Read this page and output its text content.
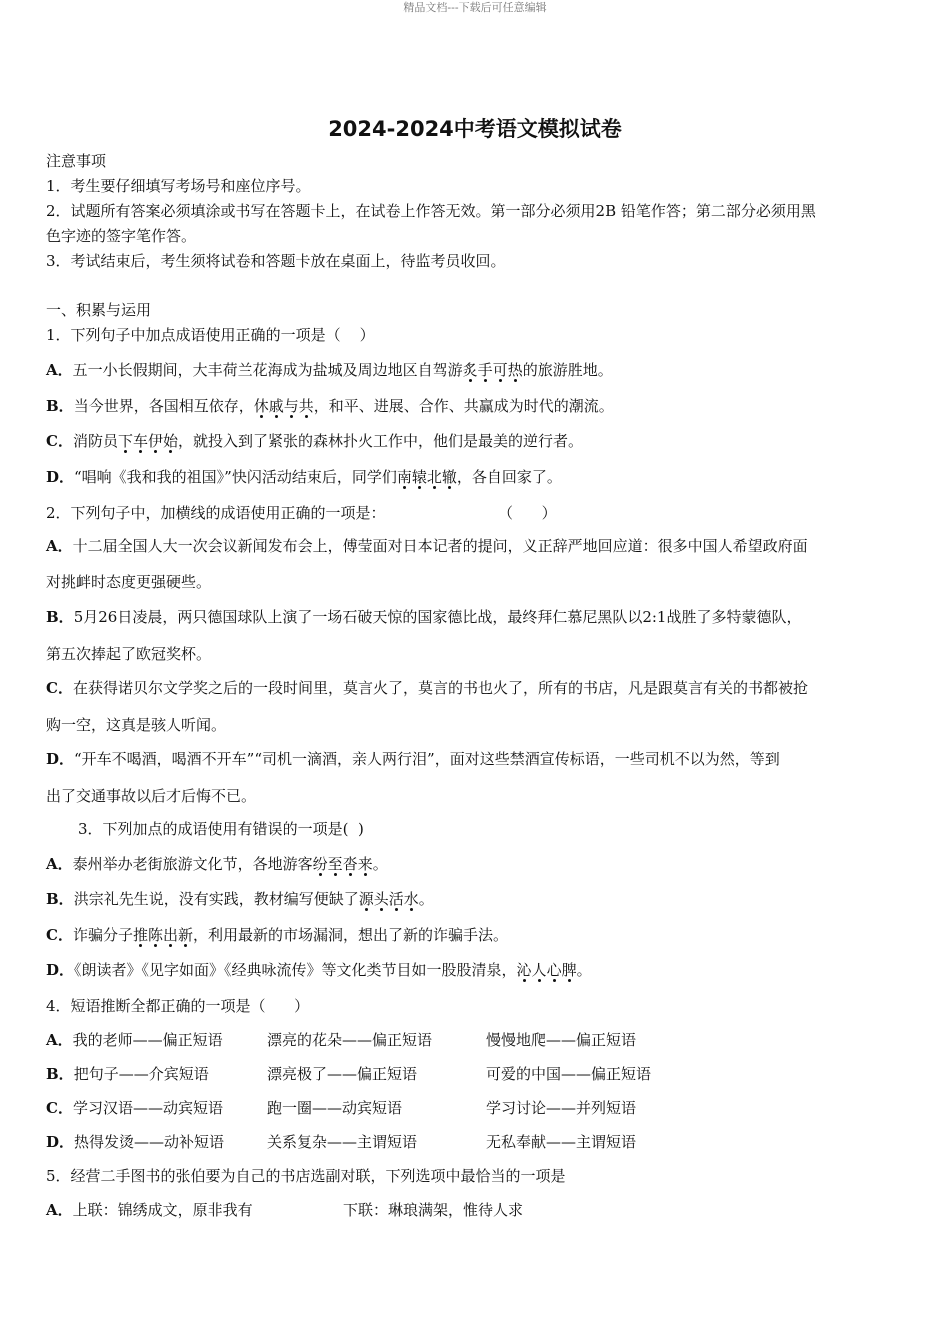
精品文档---下载后可任意编辑
2024-2024中考语文模拟试卷
注意事项
1．考生要仔细填写考场号和座位序号。
2．试题所有答案必须填涂或书写在答题卡上，在试卷上作答无效。第一部分必须用2B 铅笔作答；第二部分必须用黑
色字迹的签字笔作答。
3．考试结束后，考生须将试卷和答题卡放在桌面上，待监考员收回。
一、积累与运用
1．下列句子中加点成语使用正确的一项是（    ）
A．五一小长假期间，大丰荷兰花海成为盐城及周边地区自驾游炙手可热的旅游胜地。
B．当今世界，各国相互依存，休戚与共，和平、进展、合作、共赢成为时代的潮流。
C．消防员下车伊始，就投入到了紧张的森林扑火工作中，他们是最美的逆行者。
D．“唱响《我和我的祖国》”快闪活动结束后，同学们南辕北辙，各自回家了。
2．下列句子中，加横线的成语使用正确的一项是：	（      ）
A．十二届全国人大一次会议新闻发布会上，傅莹面对日本记者的提问，义正辞严地回应道：很多中国人希望政府面
对挑衅时态度更强硬些。
B．5月26日凌晨，两只德国球队上演了一场石破天惊的国家德比战，最终拜仁慕尼黑队以2:1战胜了多特蒙德队，
第五次捧起了欧冠奖杯。
C．在获得诺贝尔文学奖之后的一段时间里，莫言火了，莫言的书也火了，所有的书店，凡是跟莫言有关的书都被抢
购一空，这真是骇人听闻。
D．“开车不喝酒，喝酒不开车”“司机一滴酒，亲人两行泪”，面对这些禁酒宣传标语，一些司机不以为然，等到
出了交通事故以后才后悔不已。
3．下列加点的成语使用有错误的一项是(  )
A．泰州举办老街旅游文化节，各地游客纷至沓来。
B．洪宗礼先生说，没有实践，教材编写便缺了源头活水。
C．诈骗分子推陈出新，利用最新的市场漏洞，想出了新的诈骗手法。
D．《朗读者》《见字如面》《经典咏流传》等文化类节目如一股股清泉，沁人心脾。
4．短语推断全都正确的一项是（      ）
A．我的老师——偏正短语	漂亮的花朵——偏正短语	慢慢地爬——偏正短语
B．把句子——介宾短语	漂亮极了——偏正短语	可爱的中国——偏正短语
C．学习汉语——动宾短语	跑一圈——动宾短语	学习讨论——并列短语
D．热得发烫——动补短语	关系复杂——主谓短语	无私奉献——主谓短语
5．经营二手图书的张伯要为自己的书店选副对联，下列选项中最恰当的一项是
A．上联：锦绣成文，原非我有	下联：琳琅满架，惟待人求
